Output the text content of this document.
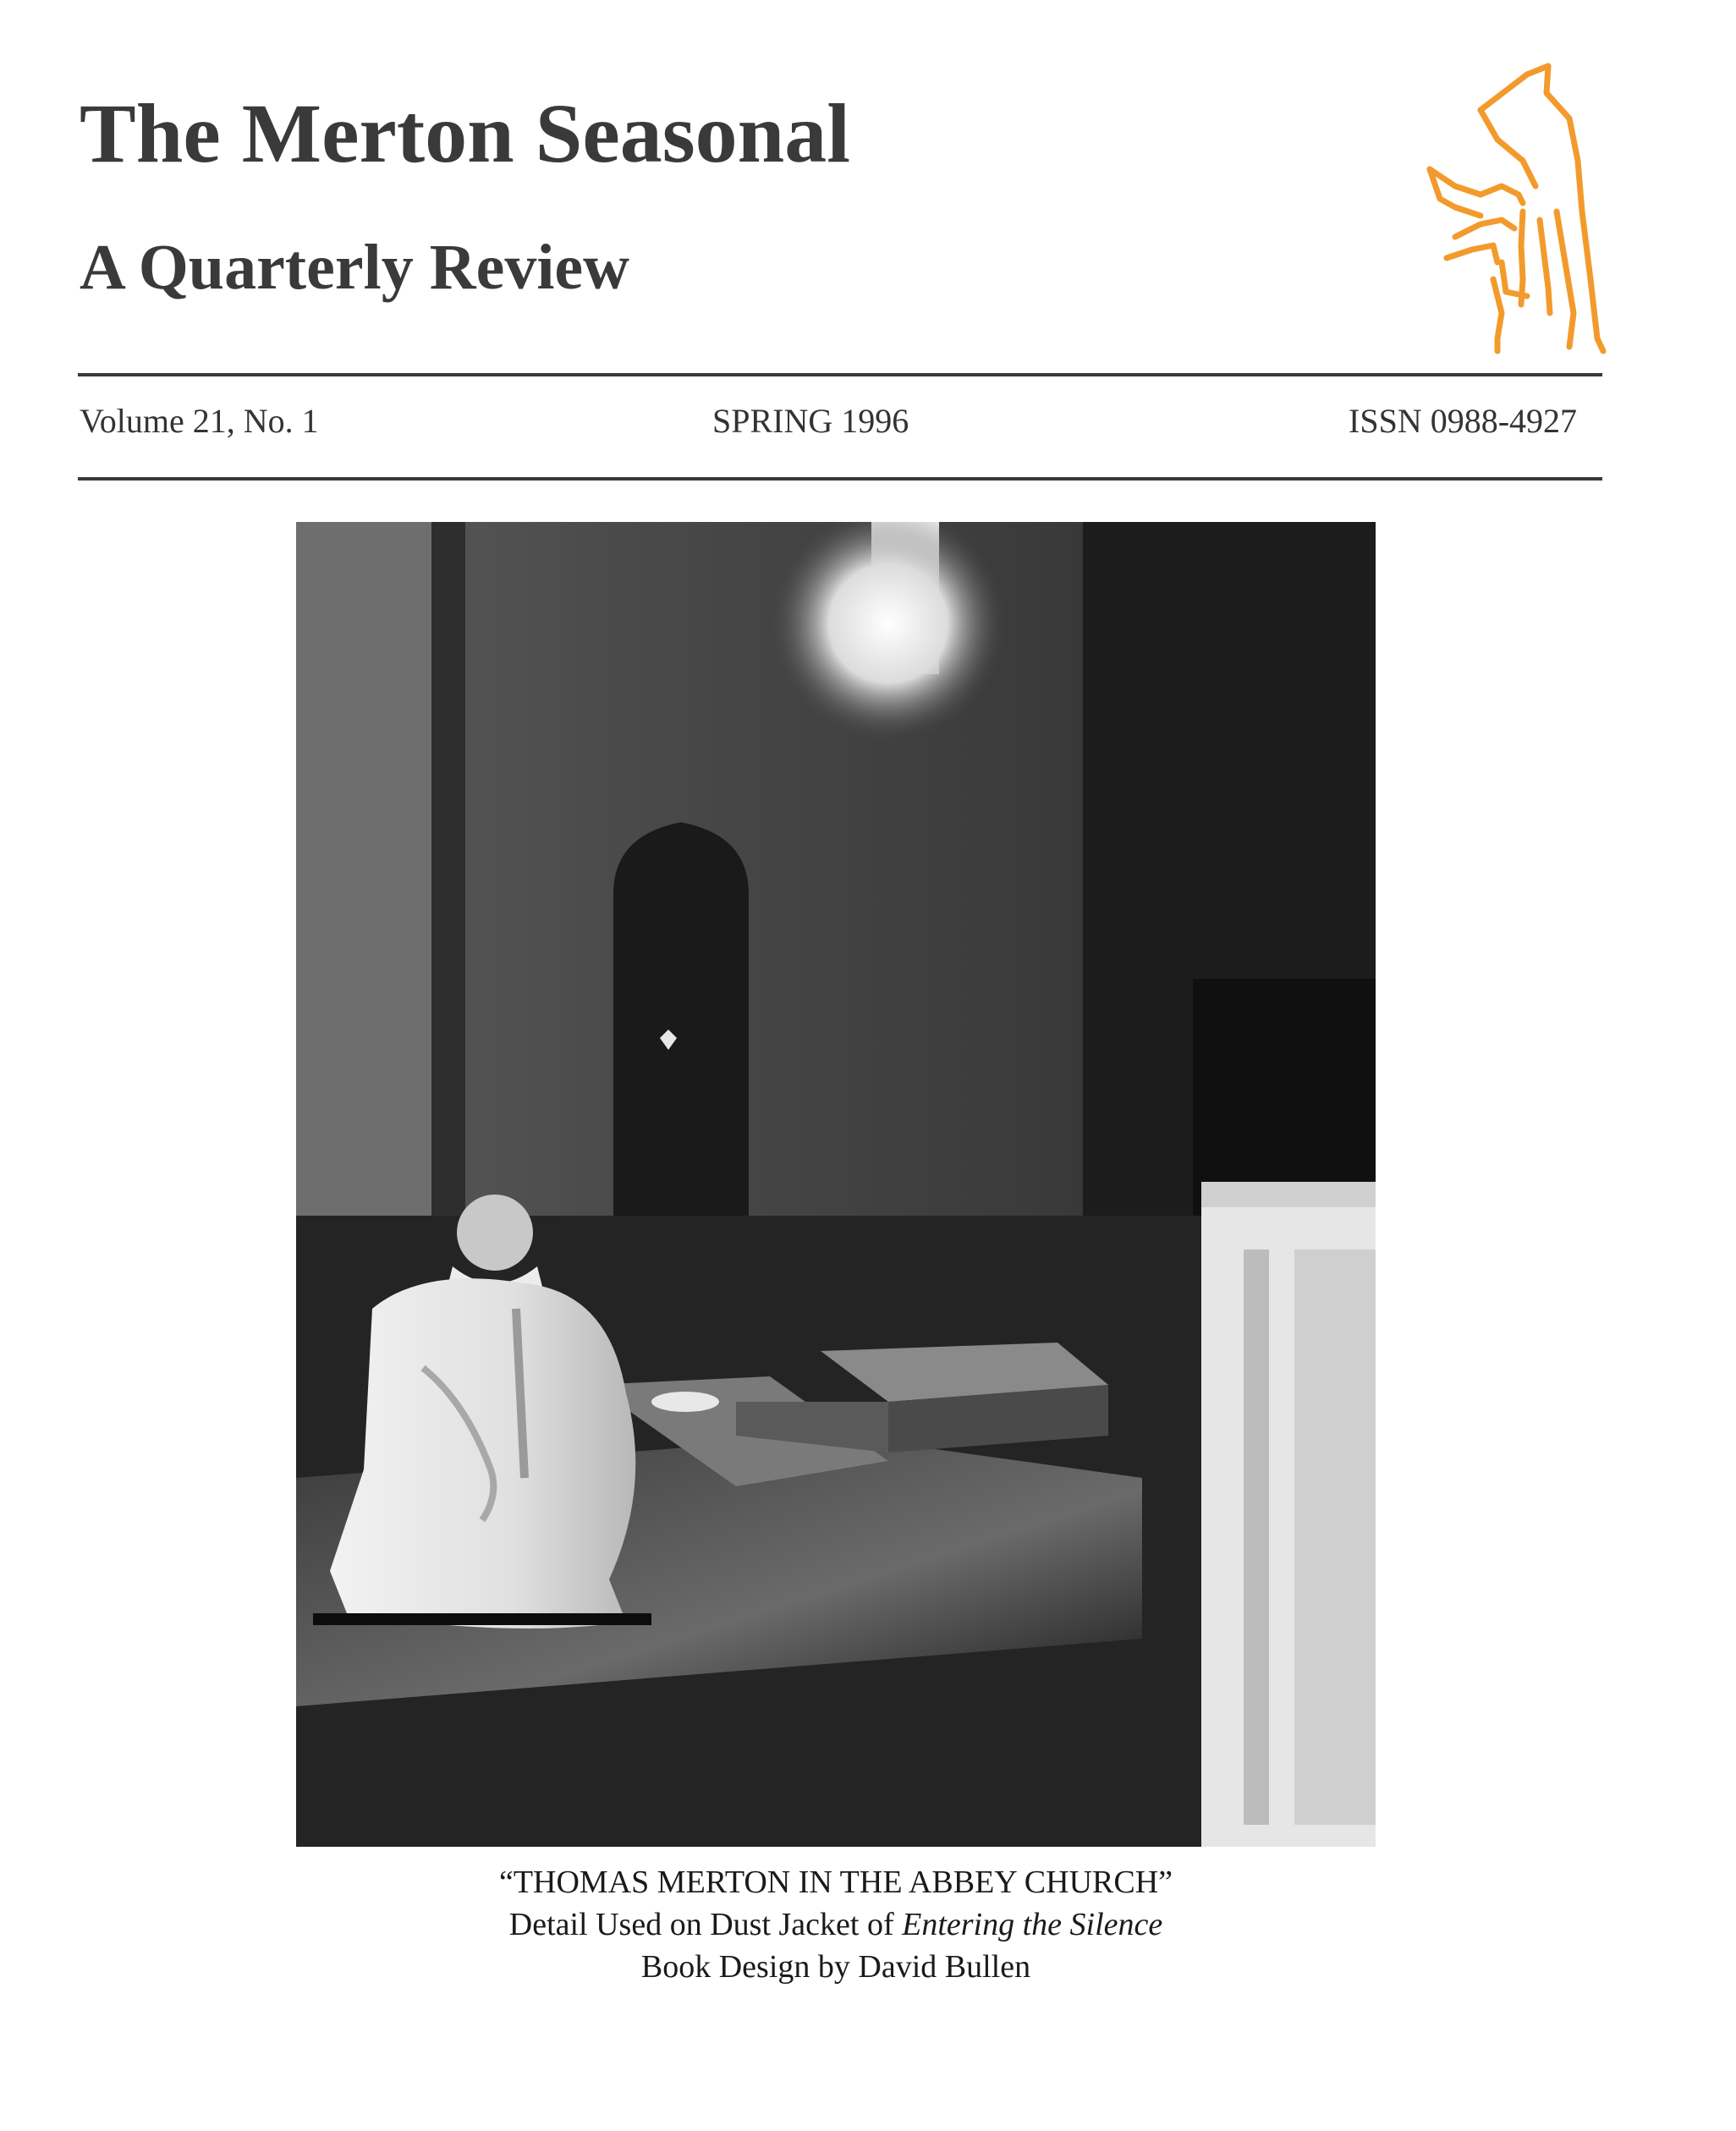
The Merton Seasonal
A Quarterly Review
Volume 21, No. 1	SPRING 1996	ISSN 0988-4927
“THOMAS MERTON IN THE ABBEY CHURCH”
Detail Used on Dust Jacket of Entering the Silence
Book Design by David Bullen
